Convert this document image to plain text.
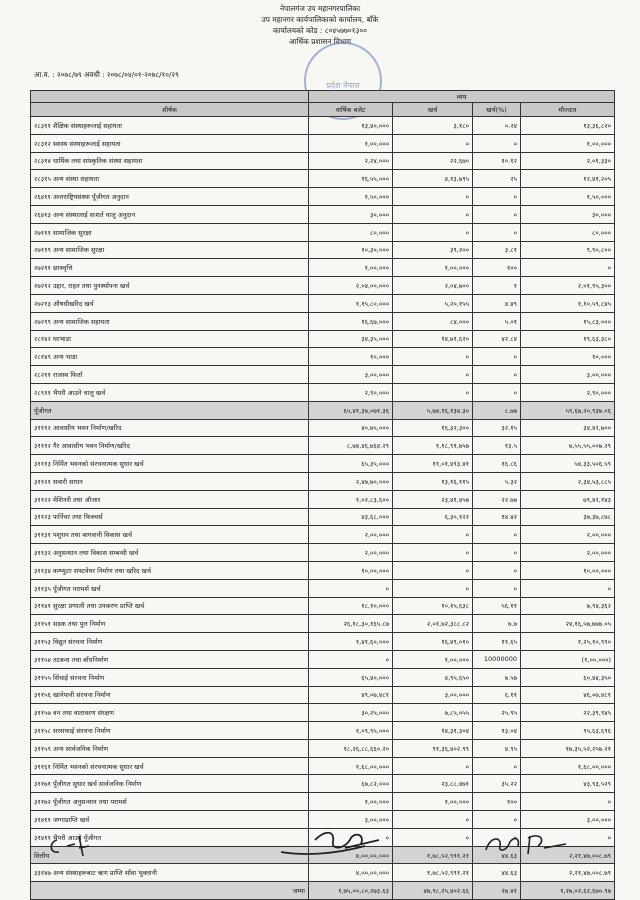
नेपालगंज उप महानगरपालिका
उप महानगर कार्यपालिकाको कार्यालय, बाँके
कार्यालयको कोड : ८०४५७७०१३००
आर्थिक प्रशासन विभाग
प्रदेश नेपाल
आ.व. : २०७८/७९ अवधी : २०७८/०४/०१-२०७८/१०/२९
	व्यय			
शीर्षक	वार्षिक बजेट	खर्च	खर्च(%)	मौज्दात
२८३११ शैक्षिक संस्थाहरूलाई सहायता	१३,४०,०००	३,१८०	०.२४	१३,३६,८२०
२८३१२ स्वास्थ संस्थाहरूलाई सहायता	१,००,०००	०	०	१,००,०००
२८३१४ धार्मिक तथा सांस्कृतिक संस्था सहायता	२,२४,०००	२२,६७०	१०.१२	२,०१,३३०
२८३१५ अन्य संस्था सहायता	१६,५५,०००	४,१३,७९५	२५	१२,४१,२०५
२६४११ अन्तराष्ट्रियसंस्था पूँजीगत अनुदान	१,५०,०००	०	०	१,५०,०००
२६४१३ अन्य संस्थालाई सःशर्त चालु अनुदान	३०,०००	०	०	३०,०००
२७१११ सामाजिक सुरक्षा	८०,०००	०	०	८०,०००
२७११९ अन्य सामाजिक सुरक्षा	१०,३०,०००	३९,२००	३.८१	९,९०,८००
२७२११ छात्रवृत्ति	१,००,०००	१,००,०००	१००	०
२७२१२ उद्दार, राहत तथा पुनर्स्थापना खर्च	२,०४,००,०००	२,०४,७००	१	२,०१,९५,३००
२७२१३ औषधीखरिद खर्च	१,१५,८०,०००	५,२०,१५५	४.४९	१,१०,५९,८४५
२७२१९ अन्य सामाजिक सहायता	१६,६७,०००	८४,०००	५.०१	१५,८३,०००
२८१४२ घरभाडा	३४,३५,०००	१४,७१,६२०	४२.८४	१९,६३,३८०
२८१४९ अन्य भाडा	१०,०००	०	०	१०,०००
२८२११ राजस्व फिर्ता	३,००,०००	०	०	३,००,०००
२८९११ भैपरी आउने चालु खर्च	२,९०,०००	०	०	२,९०,०००
पूँजीगत	६५,४१,३७,०७१.३६	५,७४,१६,१३४.३०	८.७७	५९,६७,२०,९३७.०६
३१११२ आवासीय भवन निर्माण/खरिद	४०,७५,०००	१६,३२,३००	३२.१५	३४,४२,७००
३१११२ गैर आवासीय भवन निर्माण/खरिद	८,७४,४६,७६४.२९	१,१८,९१,७५७	१३.५	७,५५,५५,००७.२९
३१११३ निर्मित भवनको संरचनात्मक सुधार खर्च	६५,३५,०००	११,०१,४९३.४१	१६.८६	५४,३३,५०६.५९
३११२१ सवारी साधन	२,४७,७०,०००	१३,१६,११५	५.३२	२,३४,५३,८८५
३११२२ मेशिनरी तथा औजार	१,०२,८३,६००	२३,४१,४५७	२२.७७	७९,४२,१४३
३११२३ फर्निचर तथा फिक्चर्स	४३,६८,०००	६,३०,१२२	१४.४२	३७,३७,८७८
३११३१ पशुधन तथा बागवानी विकास खर्च	२,००,०००	०	०	२,००,०००
३११३२ अनुसन्धान तथा विकास सम्बन्धी खर्च	२,००,०००	०	०	२,००,०००
३११३४ कम्प्युटर सफ्टवेयर निर्माण तथा खरिद खर्च	१०,००,०००	०	०	१०,००,०००
३११३५ पूँजीगत परामर्श खर्च	०	०	०	०
३११४१ सुरक्षा प्रणाली तथा उपकरण प्राप्ति खर्च	१८,१०,०००	१०,१५,६३८	५६.११	७,९४,३६२
३११५१ सडक तथा पुल निर्माण	२६,१८,३०,१६५.८७	२,०१,७२,३८८.८२	७.७	२४,१६,५७,७७७.०५
३११५३ विद्युत संरचना निर्माण	१,४१,६०,०००	१६,४९,०१०	११.६५	१,२५,१०,९९०
३११५४ तटबन्ध तथा बाँधनिर्माण	०	१,००,०००	10000000	(१,००,०००)
३११५५ सिंचाई संरचना निर्माण	६५,४०,०००	४,९५,६५०	७.५७	६०,४४,३५०
३११५६ खानेपानी संरचना निर्माण	४९,०७,४८१	३,००,०००	६.११	४६,०७,४८१
३११५७ वन तथा वातावरण संरक्षण	३०,२५,०००	७,८५,०५५	२५.९५	२२,३९,९४५
३११५८ सरसफाई संरचना निर्माण	१,०९,९५,०००	१४,३१,३०४	१३.०४	९५,६३,६९६
३११५९ अन्य सार्वजनिक निर्माण	१८,२६,८८,६६०.२०	९१,३६,४०२.९९	४.९५	१७,३५,५२,२५७.२१
३११६१ निर्मित भवनको संरचनात्मक सुधार खर्च	१,६८,००,०००	०	०	१,६८,००,०००
३११७१ पूँजीगत सुधार खर्च सार्वजनिक निर्माण	६७,८२,०००	२३,८८,४७१	३५.२२	४३,९३,५२९
३११७२ पूँजीगत अनुसन्धान तथा परामर्श	१,००,०००	१,००,०००	१००	०
३१४११ जग्गाप्राप्ति खर्च	३,००,०००	०	०	३,००,०००
३१४११ भैपरी आउने पूँजीगत	०	०	०	०
वित्तीय	४,००,००,०००	१,७८,५२,९९१.२१	४४.६३	२,२१,४७,००८.७९
३३१४७ अन्य संस्थाहरूबाट ऋण प्राप्ति साँवा भुक्तानी	४,००,००,०००	१,७८,५२,९९१.२१	४४.६३	२,२१,४७,००८.७९
जम्मा	१,७५,००,८०,२७३.६३	४७,९८,२५,४०२.६६	२७.४१	१,२७,०२,६२,६७०.९७
